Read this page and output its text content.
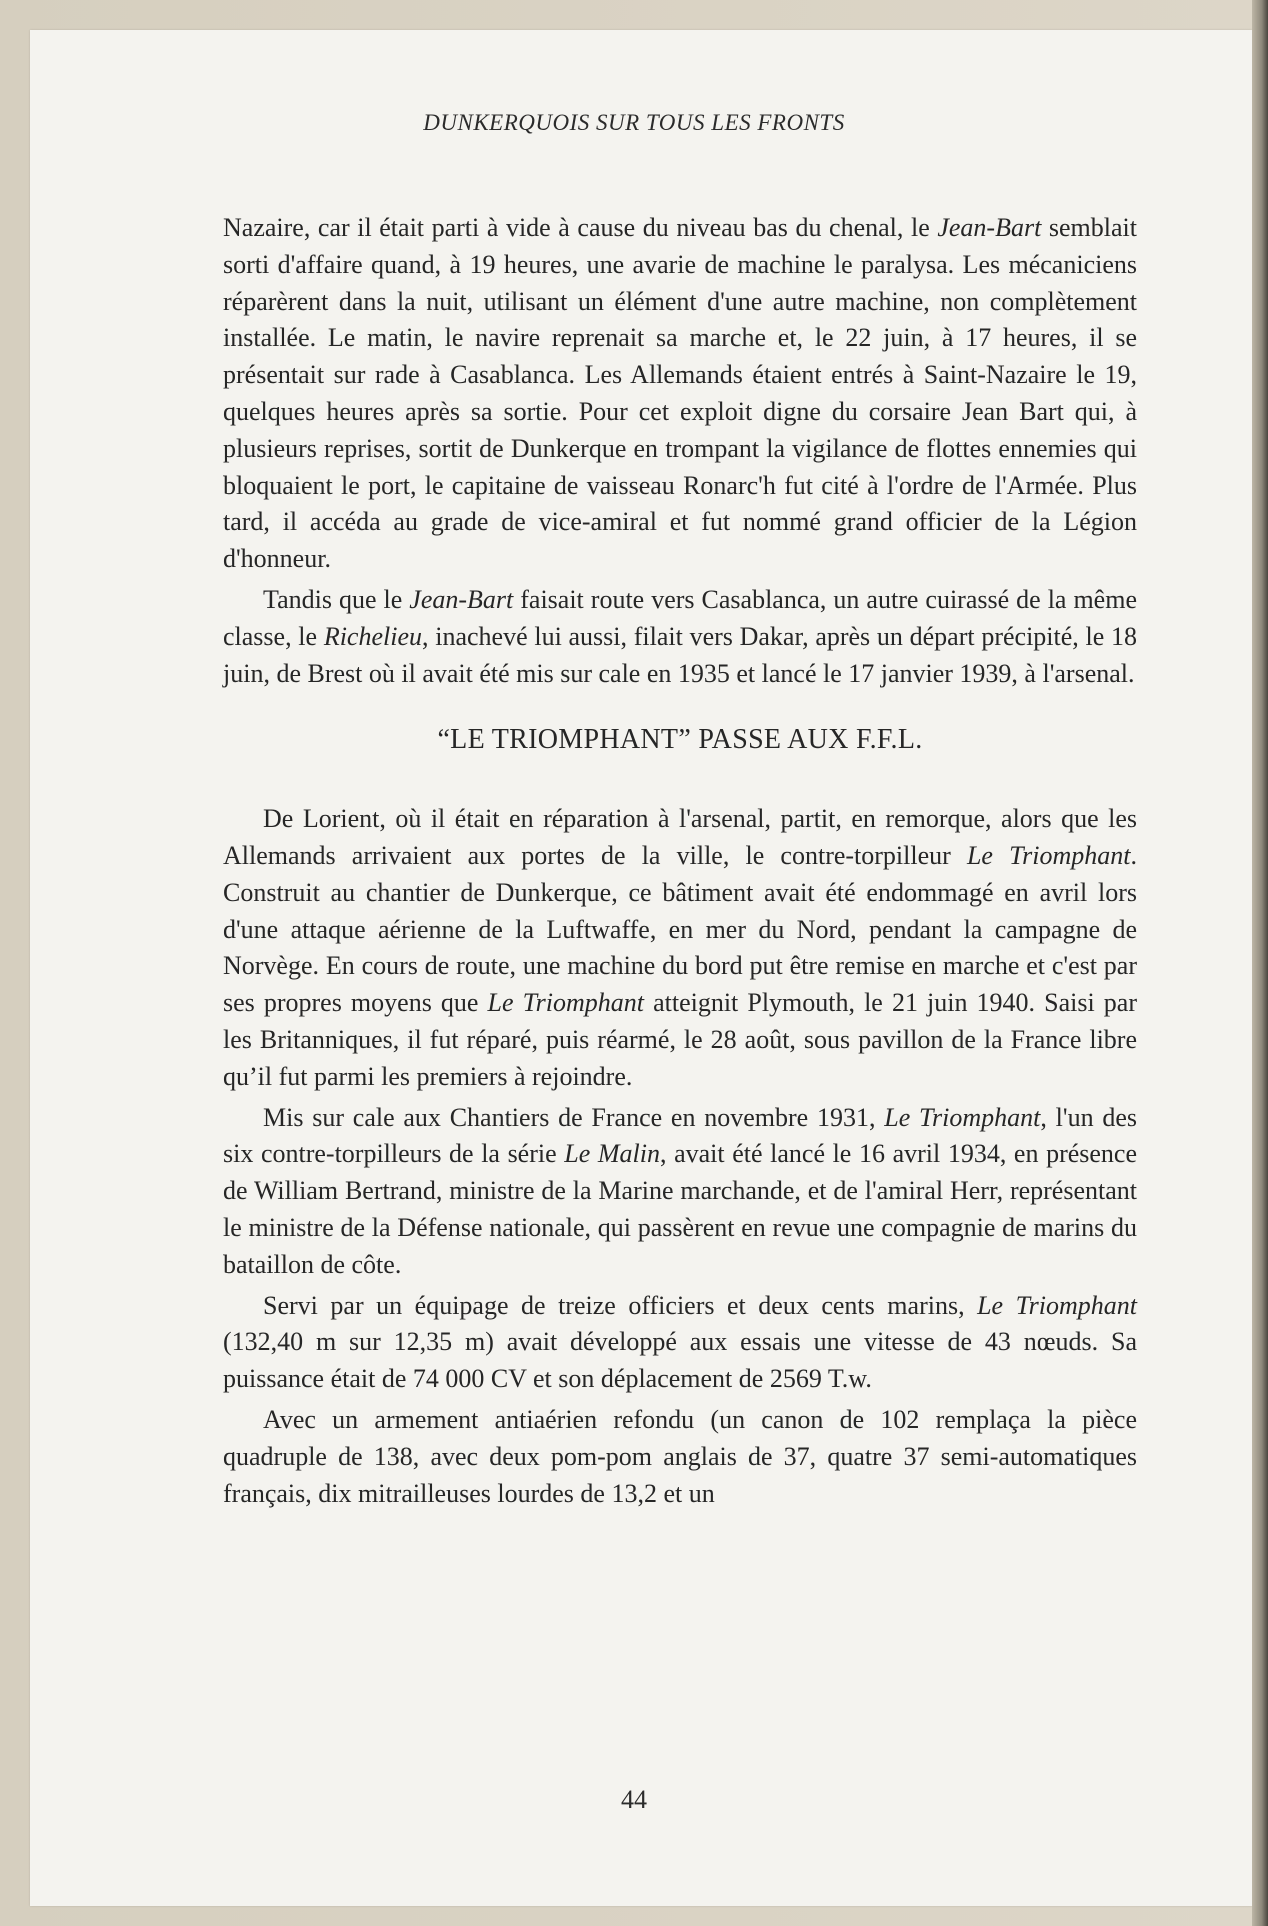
DUNKERQUOIS SUR TOUS LES FRONTS

Nazaire, car il était parti à vide à cause du niveau bas du chenal, le Jean-Bart semblait sorti d'affaire quand, à 19 heures, une avarie de machine le paralysa. Les mécaniciens réparèrent dans la nuit, utilisant un élément d'une autre machine, non complètement installée. Le matin, le navire reprenait sa marche et, le 22 juin, à 17 heures, il se présentait sur rade à Casablanca. Les Allemands étaient entrés à Saint-Nazaire le 19, quelques heures après sa sortie. Pour cet exploit digne du corsaire Jean Bart qui, à plusieurs reprises, sortit de Dunkerque en trompant la vigilance de flottes ennemies qui bloquaient le port, le capitaine de vaisseau Ronarc'h fut cité à l'ordre de l'Armée. Plus tard, il accéda au grade de vice-amiral et fut nommé grand officier de la Légion d'honneur.

Tandis que le Jean-Bart faisait route vers Casablanca, un autre cuirassé de la même classe, le Richelieu, inachevé lui aussi, filait vers Dakar, après un départ précipité, le 18 juin, de Brest où il avait été mis sur cale en 1935 et lancé le 17 janvier 1939, à l'arsenal.

“LE TRIOMPHANT” PASSE AUX F.F.L.

De Lorient, où il était en réparation à l'arsenal, partit, en remorque, alors que les Allemands arrivaient aux portes de la ville, le contre-torpilleur Le Triomphant. Construit au chantier de Dunkerque, ce bâtiment avait été endommagé en avril lors d'une attaque aérienne de la Luftwaffe, en mer du Nord, pendant la campagne de Norvège. En cours de route, une machine du bord put être remise en marche et c'est par ses propres moyens que Le Triomphant atteignit Plymouth, le 21 juin 1940. Saisi par les Britanniques, il fut réparé, puis réarmé, le 28 août, sous pavillon de la France libre qu’il fut parmi les premiers à rejoindre.

Mis sur cale aux Chantiers de France en novembre 1931, Le Triomphant, l'un des six contre-torpilleurs de la série Le Malin, avait été lancé le 16 avril 1934, en présence de William Bertrand, ministre de la Marine marchande, et de l'amiral Herr, représentant le ministre de la Défense nationale, qui passèrent en revue une compagnie de marins du bataillon de côte.

Servi par un équipage de treize officiers et deux cents marins, Le Triomphant (132,40 m sur 12,35 m) avait développé aux essais une vitesse de 43 nœuds. Sa puissance était de 74 000 CV et son déplacement de 2569 T.w.

Avec un armement antiaérien refondu (un canon de 102 remplaça la pièce quadruple de 138, avec deux pom-pom anglais de 37, quatre 37 semi-automatiques français, dix mitrailleuses lourdes de 13,2 et un

44
